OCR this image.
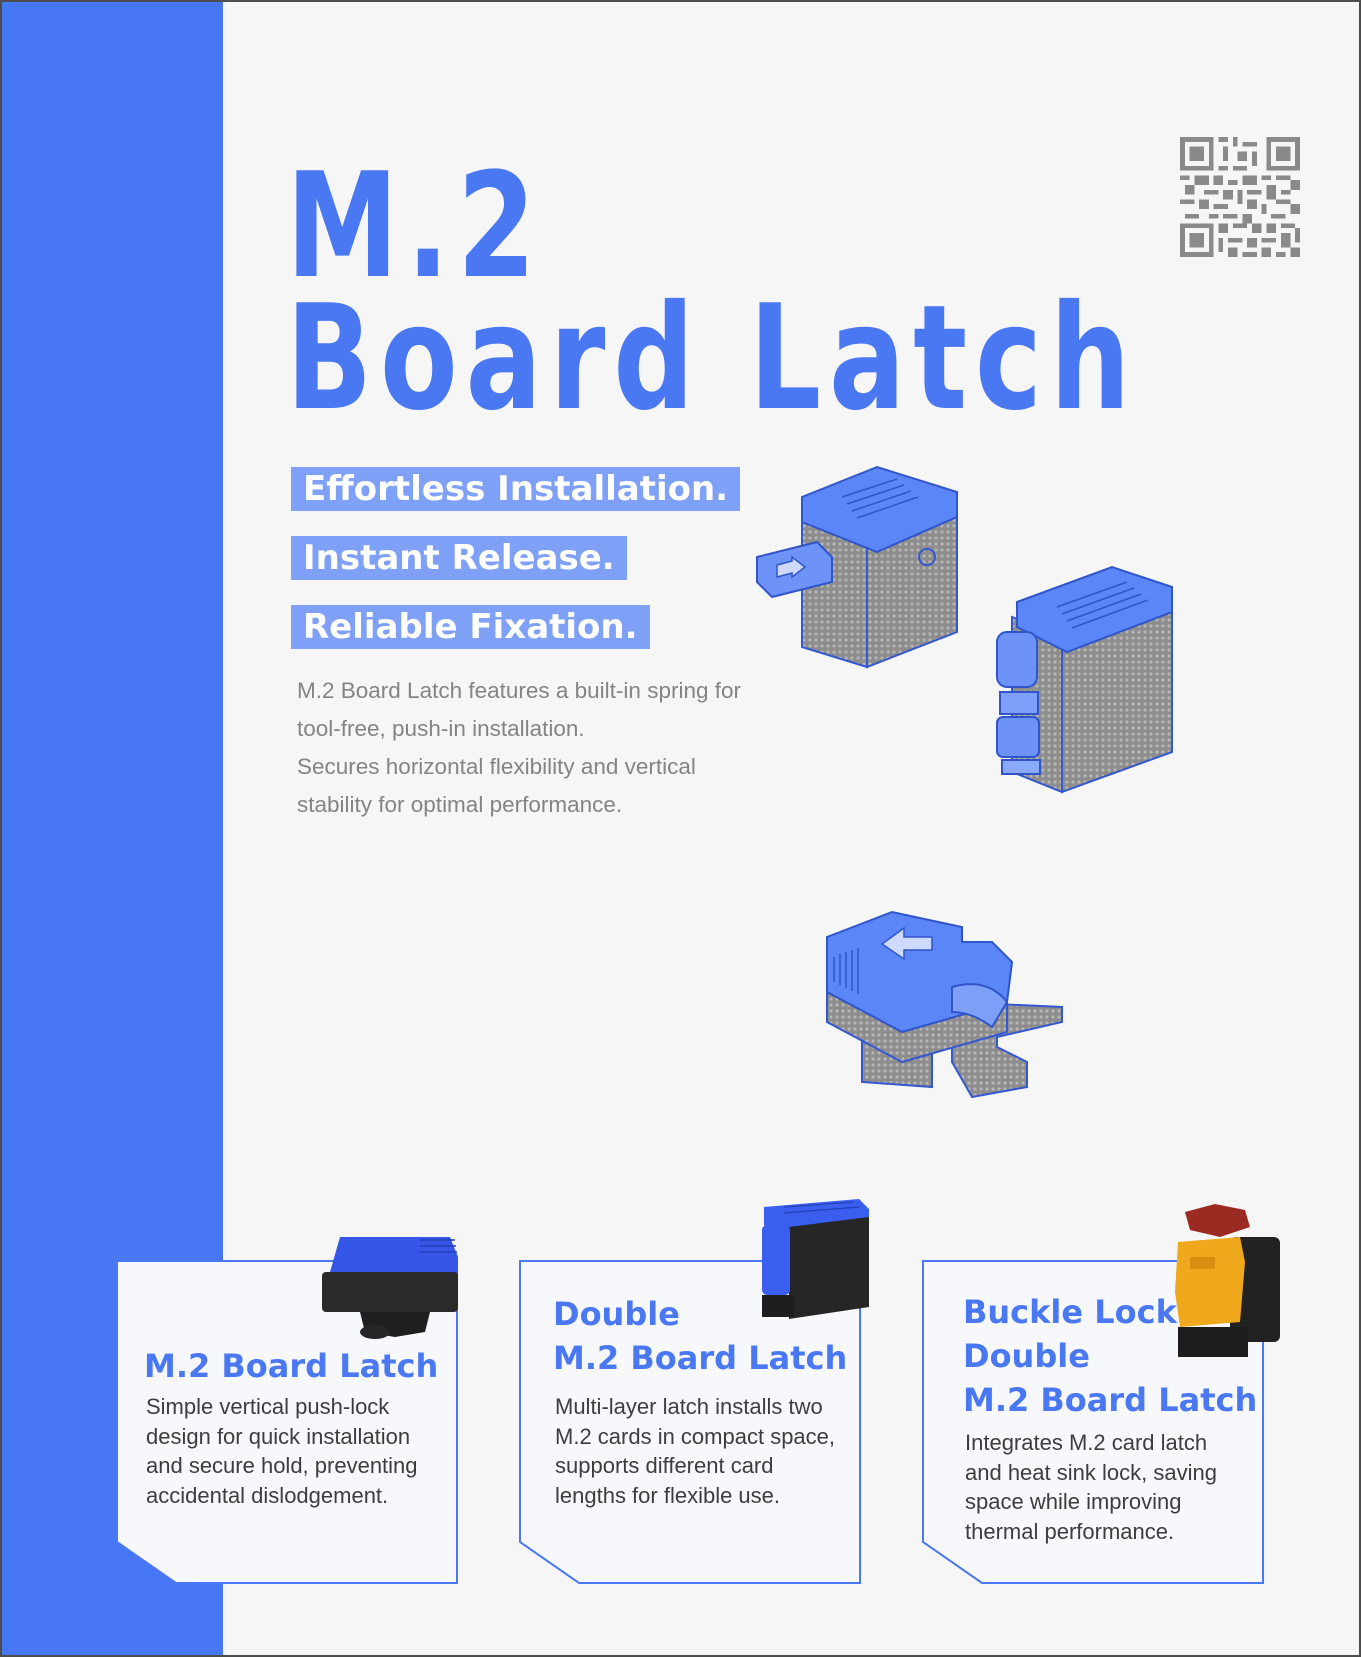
M.2
Board Latch
Effortless Installation.
Instant Release.
Reliable Fixation.
M.2 Board Latch features a built-in spring for
tool-free, push-in installation.
Secures horizontal flexibility and vertical
stability for optimal performance.
M.2 Board Latch
Simple vertical push-lock
design for quick installation
and secure hold, preventing
accidental dislodgement.
Double
M.2 Board Latch
Multi-layer latch installs two
M.2 cards in compact space,
supports different card
lengths for flexible use.
Buckle Lock
Double
M.2 Board Latch
Integrates M.2 card latch
and heat sink lock, saving
space while improving
thermal performance.
